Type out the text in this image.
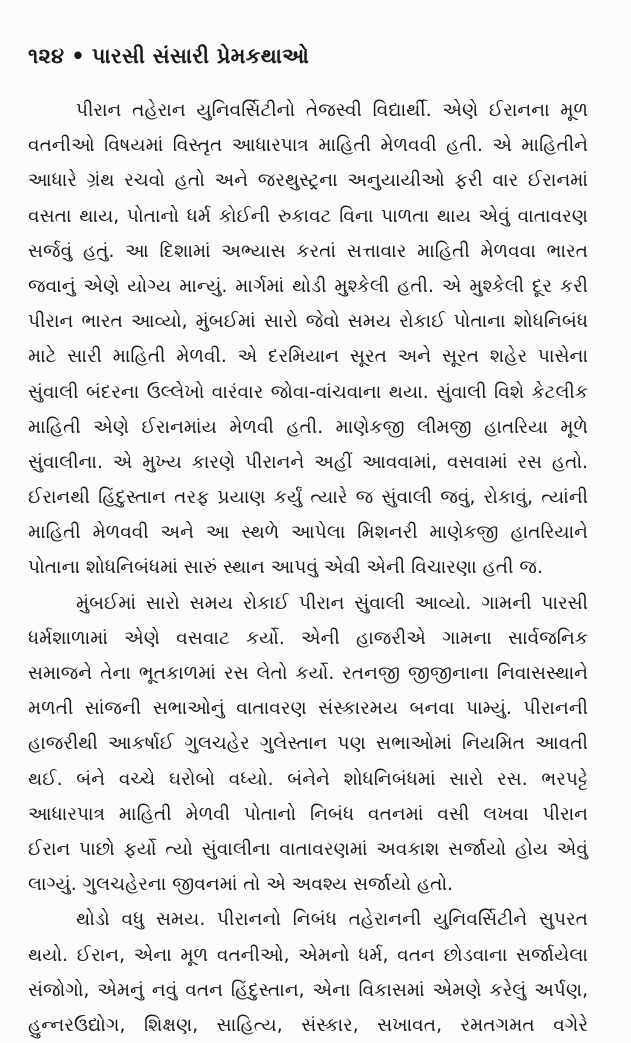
૧૨૪ • પારસી સંસારી પ્રેમકથાઓ
પીરાન તહેરાન યુનિવર્સિટીનો તેજસ્વી વિદ્યાર્થી. એણે ઈરાનના મૂળ
વતનીઓ વિષયમાં વિસ્તૃત આધારપાત્ર માહિતી મેળવવી હતી. એ માહિતીને
આધારે ગ્રંથ રચવો હતો અને જરથુસ્ટ્રના અનુયાયીઓ ફરી વાર ઈરાનમાં
વસતા થાય, પોતાનો ધર્મ કોઈની રુકાવટ વિના પાળતા થાય એવું વાતાવરણ
સર્જવું હતું. આ દિશામાં અભ્યાસ કરતાં સત્તાવાર માહિતી મેળવવા ભારત
જવાનું એણે યોગ્ય માન્યું. માર્ગમાં થોડી મુશ્કેલી હતી. એ મુશ્કેલી દૂર કરી
પીરાન ભારત આવ્યો, મુંબઈમાં સારો જેવો સમય રોકાઈ પોતાના શોધનિબંધ
માટે સારી માહિતી મેળવી. એ દરમિયાન સૂરત અને સૂરત શહેર પાસેના
સુંવાલી બંદરના ઉલ્લેખો વારંવાર જોવા-વાંચવાના થયા. સુંવાલી વિશે કેટલીક
માહિતી એણે ઈરાનમાંય મેળવી હતી. માણેકજી લીમજી હાતરિયા મૂળે
સુંવાલીના. એ મુખ્ય કારણે પીરાનને અહીં આવવામાં, વસવામાં રસ હતો.
ઈરાનથી હિંદુસ્તાન તરફ પ્રયાણ કર્યું ત્યારે જ સુંવાલી જવું, રોકાવું, ત્યાંની
માહિતી મેળવવી અને આ સ્થળે આપેલા મિશનરી માણેકજી હાતરિયાને
પોતાના શોધનિબંધમાં સારું સ્થાન આપવું એવી એની વિચારણા હતી જ.
મુંબઈમાં સારો સમય રોકાઈ પીરાન સુંવાલી આવ્યો. ગામની પારસી
ધર્મશાળામાં એણે વસવાટ કર્યો. એની હાજરીએ ગામના સાર્વજનિક
સમાજને તેના ભૂતકાળમાં રસ લેતો કર્યો. રતનજી જીજીનાના નિવાસસ્થાને
મળતી સાંજની સભાઓનું વાતાવરણ સંસ્કારમય બનવા પામ્યું. પીરાનની
હાજરીથી આકર્ષાઈ ગુલચહેર ગુલેસ્તાન પણ સભાઓમાં નિયમિત આવતી
થઈ. બંને વચ્ચે ઘરોબો વધ્યો. બંનેને શોધનિબંધમાં સારો રસ. ભરપટ્ટે
આધારપાત્ર માહિતી મેળવી પોતાનો નિબંધ વતનમાં વસી લખવા પીરાન
ઈરાન પાછો ફર્યો ત્યો સુંવાલીના વાતાવરણમાં અવકાશ સર્જાયો હોય એવું
લાગ્યું. ગુલચહેરના જીવનમાં તો એ અવશ્ય સર્જાયો હતો.
થોડો વધુ સમય. પીરાનનો નિબંધ તહેરાનની યુનિવર્સિટીને સુપરત
થયો. ઈરાન, એના મૂળ વતનીઓ, એમનો ધર્મ, વતન છોડવાના સર્જાયેલા
સંજોગો, એમનું નવું વતન હિંદુસ્તાન, એના વિકાસમાં એમણે કરેલું અર્પણ,
હુન્નરઉદ્યોગ, શિક્ષણ, સાહિત્ય, સંસ્કાર, સખાવત, રમતગમત વગેરે
